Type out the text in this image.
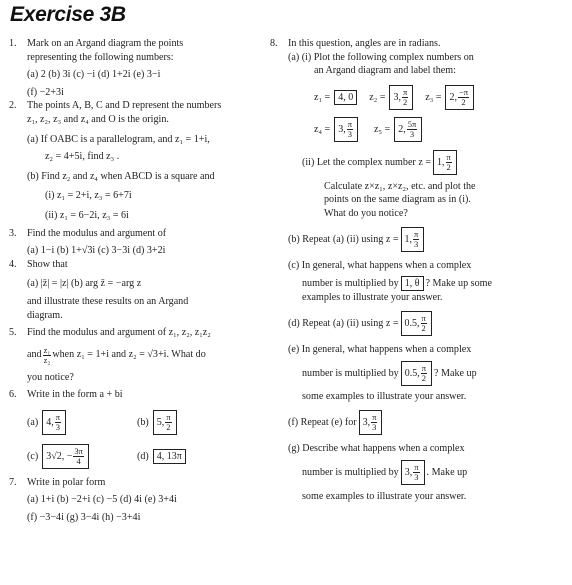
Exercise 3B
1.	Mark on an Argand diagram the points
representing the following numbers:
(a) 2 (b) 3i (c) −i (d) 1+2i (e) 3−i
(f) −2+3i
2.	The points A, B, C and D represent the numbers
z₁, z₂, z₃ and z₄ and O is the origin.
(a) If OABC is a parallelogram, and z₁ = 1+i,
z₂ = 4+5i, find z₃ .
(b) Find z₂ and z₄ when ABCD is a square and
(i) z₁ = 2+i, z₃ = 6+7i
(ii) z₁ = 6−2i, z₃ = 6i
3.	Find the modulus and argument of
(a) 1−i (b) 1+√3i (c) 3−3i (d) 3+2i
4.	Show that
(a) |z̄| = |z| (b) arg z̄ = −arg z
and illustrate these results on an Argand
diagram.
5.	Find the modulus and argument of z₁, z₂, z₁z₂
and $\frac{\text{z₁}}{\text{z₂}}$ when z₁ = 1+i and z₂ = √3+i. What do
you notice?
6.	Write in the form a + bi
(a) 4, $\frac{\pi}{3}$	(b) 5, $\frac{\pi}{2}$
(c) 3√2, − $\frac{3\pi}{4}$	(d) 4, 13π
7.	Write in polar form
(a) 1+i (b) −2+i (c) −5 (d) 4i (e) 3+4i
(f) −3−4i (g) 3−4i (h) −3+4i
8.	In this question, angles are in radians.
(a) (i) Plot the following complex numbers on
an Argand diagram and label them:
z₁ = 4, 0	z₂ = 3, $\frac{\pi}{2} z_3 = 2$, $\frac{-\pi}{2}$
z₄ = 3, $\frac{\pi}{3} z_5 = 2$, $\frac{5\pi}{3}$
(ii) Let the complex number z = 1, $\frac{\pi}{2}$
Calculate z×z₁, z×z₂, etc. and plot the
points on the same diagram as in (i).
What do you notice?
(b) Repeat (a) (ii) using z = 1, $\frac{\pi}{3}$
(c) In general, what happens when a complex
number is multiplied by 1, θ ? Make up some
examples to illustrate your answer.
(d) Repeat (a) (ii) using z = 0.5, $\frac{\pi}{2}$
(e) In general, what happens when a complex
number is multiplied by 0.5, $\frac{\pi}{2}$ ? Make up
some examples to illustrate your answer.
(f) Repeat (e) for 3, $\frac{\pi}{3}$
(g) Describe what happens when a complex
number is multiplied by 3, $\frac{\pi}{3}$ . Make up
some examples to illustrate your answer.
